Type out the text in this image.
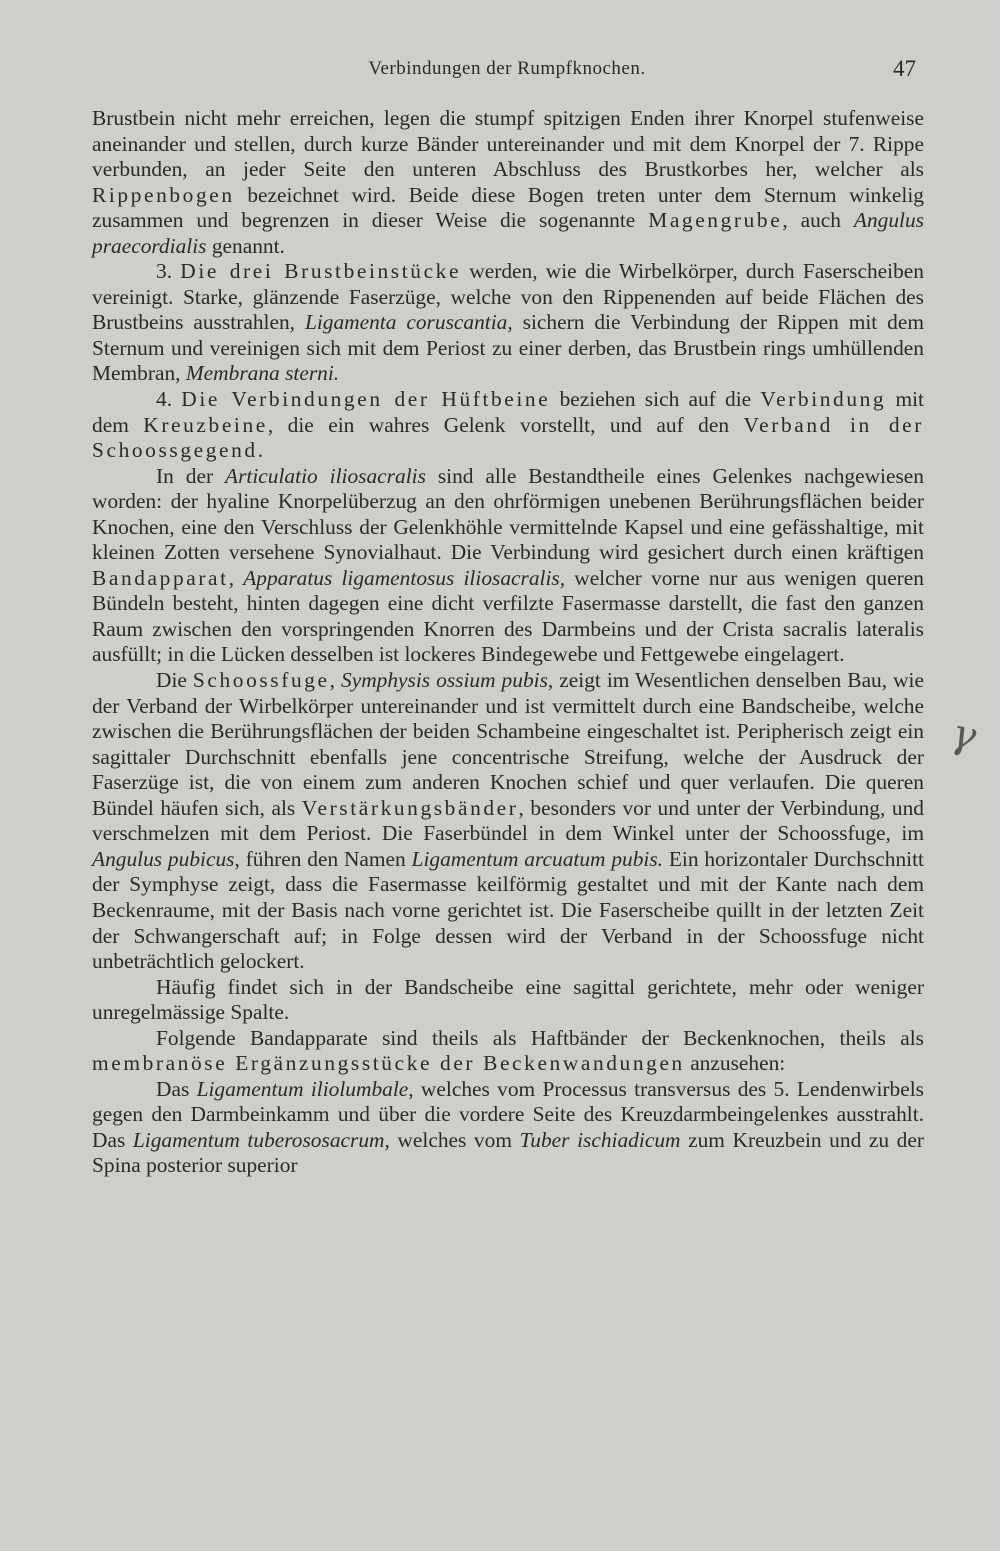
Verbindungen der Rumpfknochen.	47

Brustbein nicht mehr erreichen, legen die stumpf spitzigen Enden ihrer Knorpel stufenweise aneinander und stellen, durch kurze Bänder untereinander und mit dem Knorpel der 7. Rippe verbunden, an jeder Seite den unteren Abschluss des Brustkorbes her, welcher als Rippenbogen bezeichnet wird. Beide diese Bogen treten unter dem Sternum winkelig zusammen und begrenzen in dieser Weise die sogenannte Magengrube, auch Angulus praecordialis genannt.

3. Die drei Brustbeinstücke werden, wie die Wirbelkörper, durch Faserscheiben vereinigt. Starke, glänzende Faserzüge, welche von den Rippenenden auf beide Flächen des Brustbeins ausstrahlen, Ligamenta coruscantia, sichern die Verbindung der Rippen mit dem Sternum und vereinigen sich mit dem Periost zu einer derben, das Brustbein rings umhüllenden Membran, Membrana sterni.

4. Die Verbindungen der Hüftbeine beziehen sich auf die Verbindung mit dem Kreuzbeine, die ein wahres Gelenk vorstellt, und auf den Verband in der Schoossgegend.

In der Articulatio iliosacralis sind alle Bestandtheile eines Gelenkes nachgewiesen worden: der hyaline Knorpelüberzug an den ohrförmigen unebenen Berührungsflächen beider Knochen, eine den Verschluss der Gelenkhöhle vermittelnde Kapsel und eine gefässhaltige, mit kleinen Zotten versehene Synovialhaut. Die Verbindung wird gesichert durch einen kräftigen Bandapparat, Apparatus ligamentosus iliosacralis, welcher vorne nur aus wenigen queren Bündeln besteht, hinten dagegen eine dicht verfilzte Fasermasse darstellt, die fast den ganzen Raum zwischen den vorspringenden Knorren des Darmbeins und der Crista sacralis lateralis ausfüllt; in die Lücken desselben ist lockeres Bindegewebe und Fettgewebe eingelagert.

Die Schoossfuge, Symphysis ossium pubis, zeigt im Wesentlichen denselben Bau, wie der Verband der Wirbelkörper untereinander und ist vermittelt durch eine Bandscheibe, welche zwischen die Berührungsflächen der beiden Schambeine eingeschaltet ist. Peripherisch zeigt ein sagittaler Durchschnitt ebenfalls jene concentrische Streifung, welche der Ausdruck der Faserzüge ist, die von einem zum anderen Knochen schief und quer verlaufen. Die queren Bündel häufen sich, als Verstärkungsbänder, besonders vor und unter der Verbindung, und verschmelzen mit dem Periost. Die Faserbündel in dem Winkel unter der Schoossfuge, im Angulus pubicus, führen den Namen Ligamentum arcuatum pubis. Ein horizontaler Durchschnitt der Symphyse zeigt, dass die Fasermasse keilförmig gestaltet und mit der Kante nach dem Beckenraume, mit der Basis nach vorne gerichtet ist. Die Faserscheibe quillt in der letzten Zeit der Schwangerschaft auf; in Folge dessen wird der Verband in der Schoossfuge nicht unbeträchtlich gelockert.

Häufig findet sich in der Bandscheibe eine sagittal gerichtete, mehr oder weniger unregelmässige Spalte.

Folgende Bandapparate sind theils als Haftbänder der Beckenknochen, theils als membranöse Ergänzungsstücke der Beckenwandungen anzusehen:

Das Ligamentum iliolumbale, welches vom Processus transversus des 5. Lendenwirbels gegen den Darmbeinkamm und über die vordere Seite des Kreuzdarmbeingelenkes ausstrahlt. Das Ligamentum tuberososacrum, welches vom Tuber ischiadicum zum Kreuzbein und zu der Spina posterior superior

γ
